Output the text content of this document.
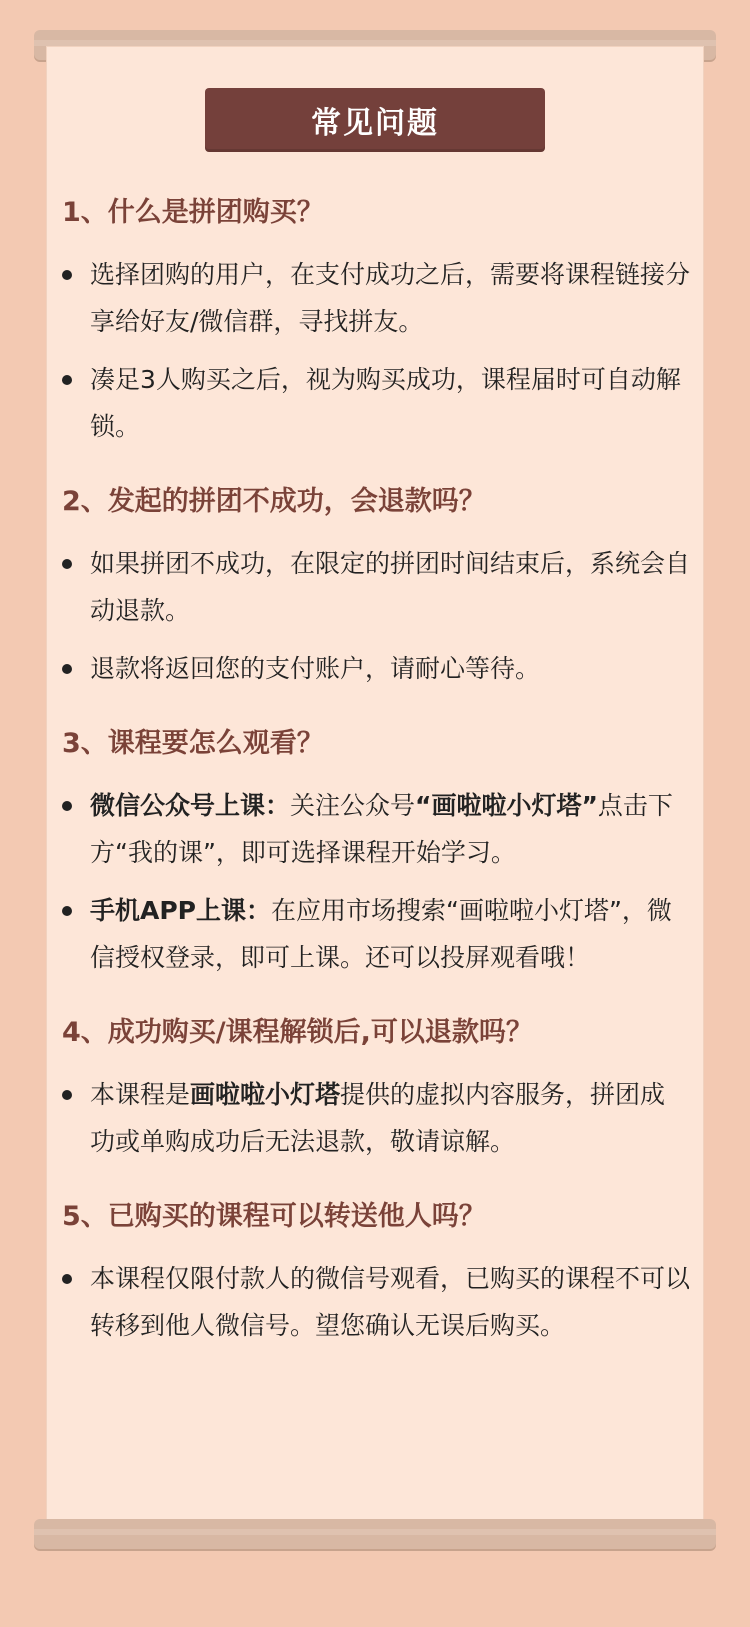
常见问题
1、什么是拼团购买？
选择团购的用户，在支付成功之后，需要将课程链接分享给好友/微信群，寻找拼友。
凑足3人购买之后，视为购买成功，课程届时可自动解锁。
2、发起的拼团不成功，会退款吗？
如果拼团不成功，在限定的拼团时间结束后，系统会自动退款。
退款将返回您的支付账户，请耐心等待。
3、课程要怎么观看？
微信公众号上课：关注公众号“画啦啦小灯塔”点击下方“我的课”，即可选择课程开始学习。
手机APP上课：在应用市场搜索“画啦啦小灯塔”，微信授权登录，即可上课。还可以投屏观看哦！
4、成功购买/课程解锁后,可以退款吗？
本课程是画啦啦小灯塔提供的虚拟内容服务，拼团成功或单购成功后无法退款，敬请谅解。
5、已购买的课程可以转送他人吗？
本课程仅限付款人的微信号观看，已购买的课程不可以转移到他人微信号。望您确认无误后购买。
